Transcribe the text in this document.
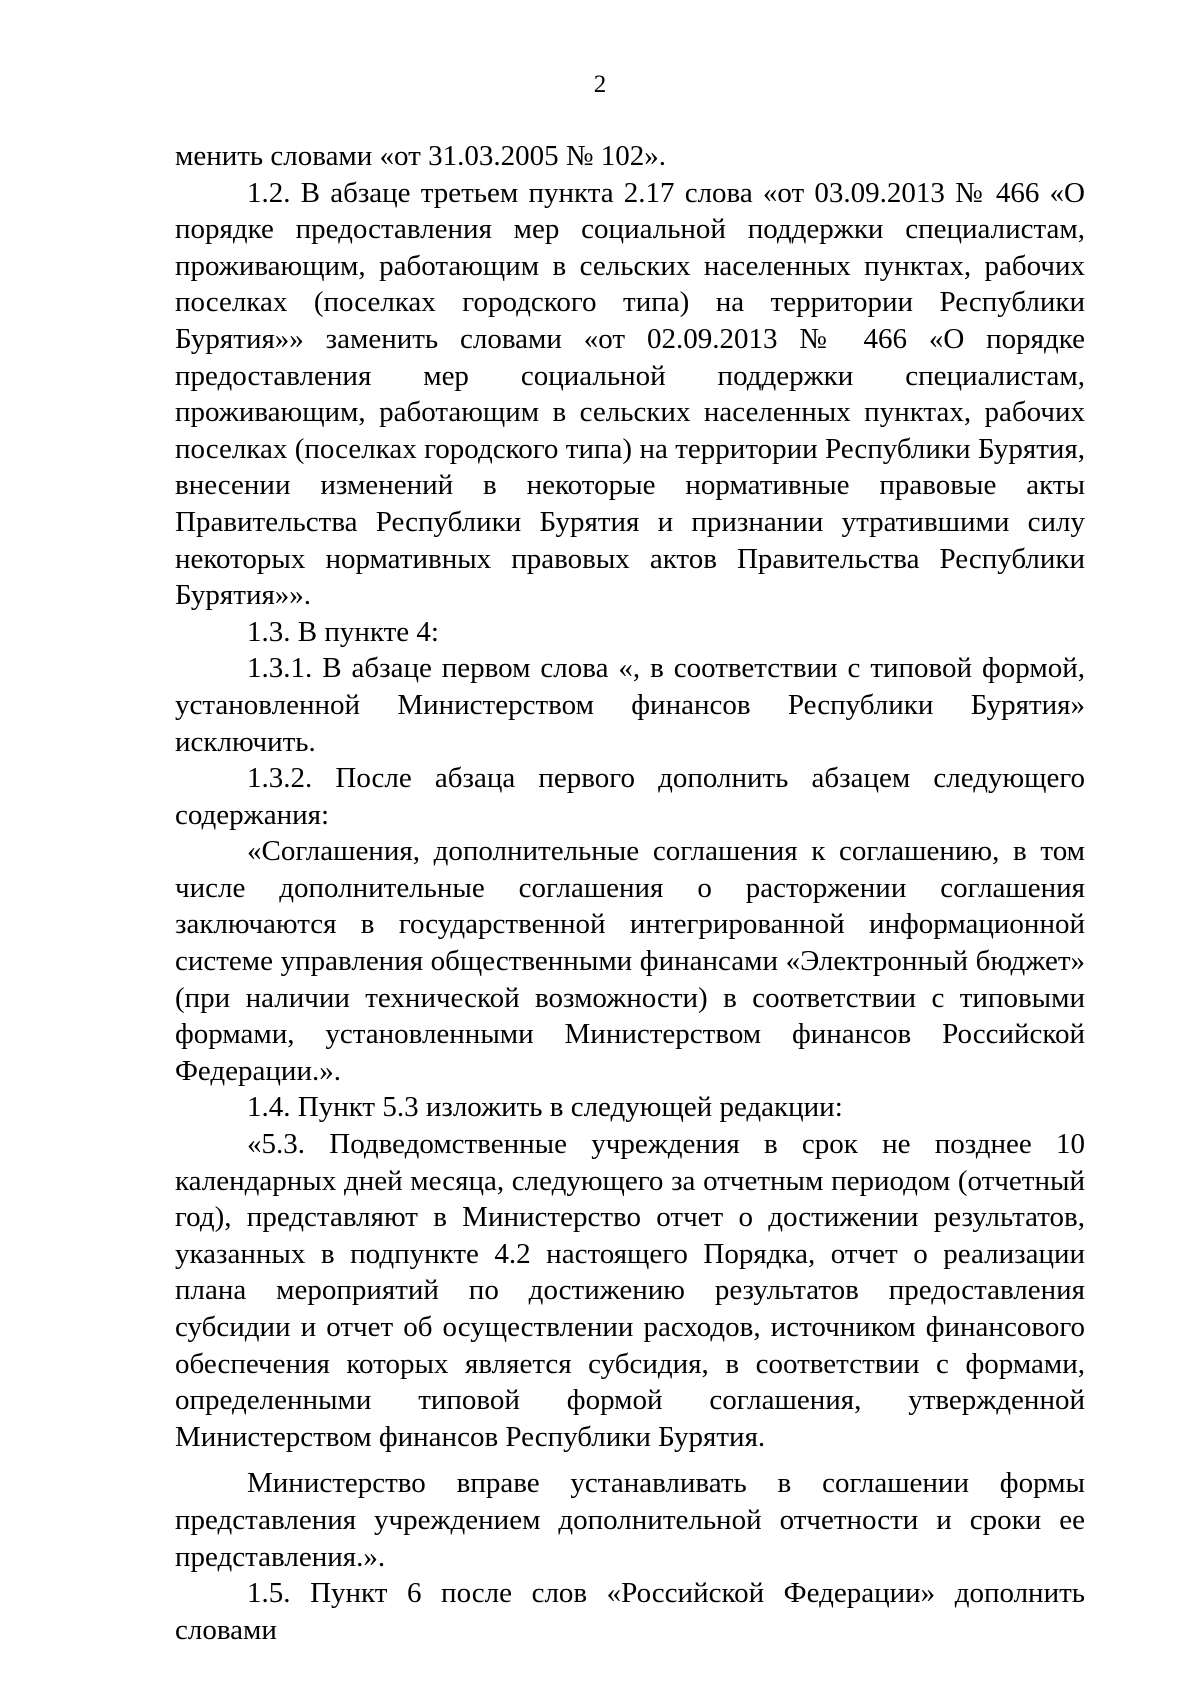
2

менить словами «от 31.03.2005 № 102».

1.2. В абзаце третьем пункта 2.17 слова «от 03.09.2013 № 466 «О порядке предоставления мер социальной поддержки специалистам, проживающим, работающим в сельских населенных пунктах, рабочих поселках (поселках городского типа) на территории Республики Бурятия»» заменить словами «от 02.09.2013 № 466 «О порядке предоставления мер социальной поддержки специалистам, проживающим, работающим в сельских населенных пунктах, рабочих поселках (поселках городского типа) на территории Республики Бурятия, внесении изменений в некоторые нормативные правовые акты Правительства Республики Бурятия и признании утратившими силу некоторых нормативных правовых актов Правительства Республики Бурятия»».

1.3. В пункте 4:

1.3.1. В абзаце первом слова «, в соответствии с типовой формой, установленной Министерством финансов Республики Бурятия» исключить.

1.3.2. После абзаца первого дополнить абзацем следующего содержания:

«Соглашения, дополнительные соглашения к соглашению, в том числе дополнительные соглашения о расторжении соглашения заключаются в государственной интегрированной информационной системе управления общественными финансами «Электронный бюджет» (при наличии технической возможности) в соответствии с типовыми формами, установленными Министерством финансов Российской Федерации.».

1.4. Пункт 5.3 изложить в следующей редакции:

«5.3. Подведомственные учреждения в срок не позднее 10 календарных дней месяца, следующего за отчетным периодом (отчетный год), представляют в Министерство отчет о достижении результатов, указанных в подпункте 4.2 настоящего Порядка, отчет о реализации плана мероприятий по достижению результатов предоставления субсидии и отчет об осуществлении расходов, источником финансового обеспечения которых является субсидия, в соответствии с формами, определенными типовой формой соглашения, утвержденной Министерством финансов Республики Бурятия.

Министерство вправе устанавливать в соглашении формы представления учреждением дополнительной отчетности и сроки ее представления.».

1.5. Пункт 6 после слов «Российской Федерации» дополнить словами
